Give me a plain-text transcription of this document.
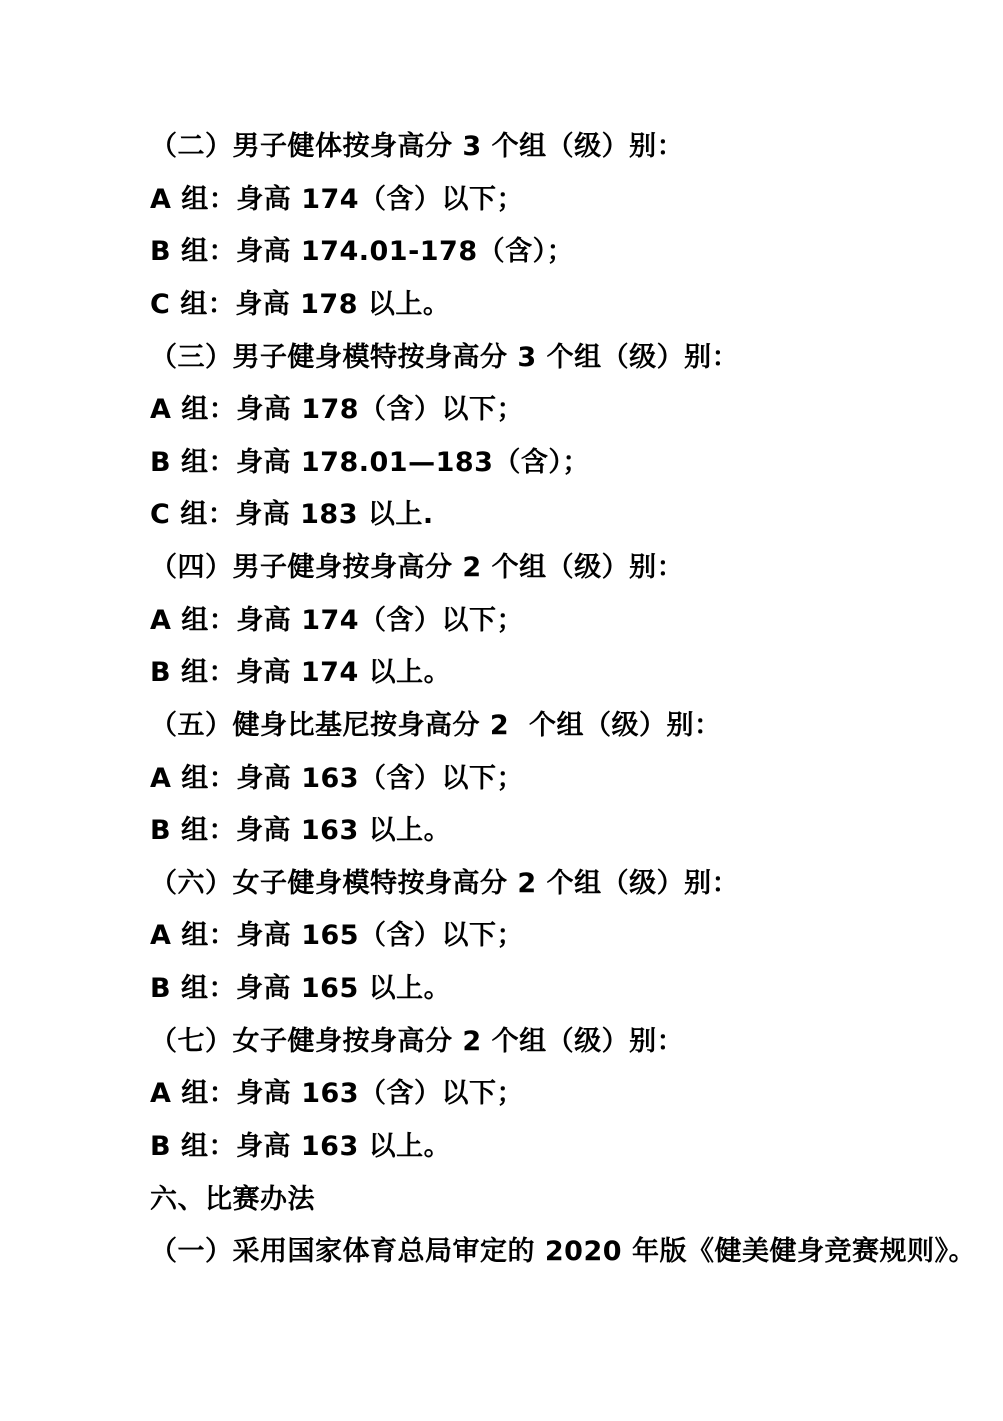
（二）男子健体按身高分 3 个组（级）别：

A 组：身高 174（含）以下；

B 组：身高 174.01-178（含）；

C 组：身高 178 以上。

（三）男子健身模特按身高分 3 个组（级）别：

A 组：身高 178（含）以下；

B 组：身高 178.01—183（含）；

C 组：身高 183 以上.

（四）男子健身按身高分 2 个组（级）别：

A 组：身高 174（含）以下；

B 组：身高 174 以上。

（五）健身比基尼按身高分 2  个组（级）别：

A 组：身高 163（含）以下；

B 组：身高 163 以上。

（六）女子健身模特按身高分 2 个组（级）别：

A 组：身高 165（含）以下；

B 组：身高 165 以上。

（七）女子健身按身高分 2 个组（级）别：

A 组：身高 163（含）以下；

B 组：身高 163 以上。

六、比赛办法

（一）采用国家体育总局审定的 2020 年版《健美健身竞赛规则》。
